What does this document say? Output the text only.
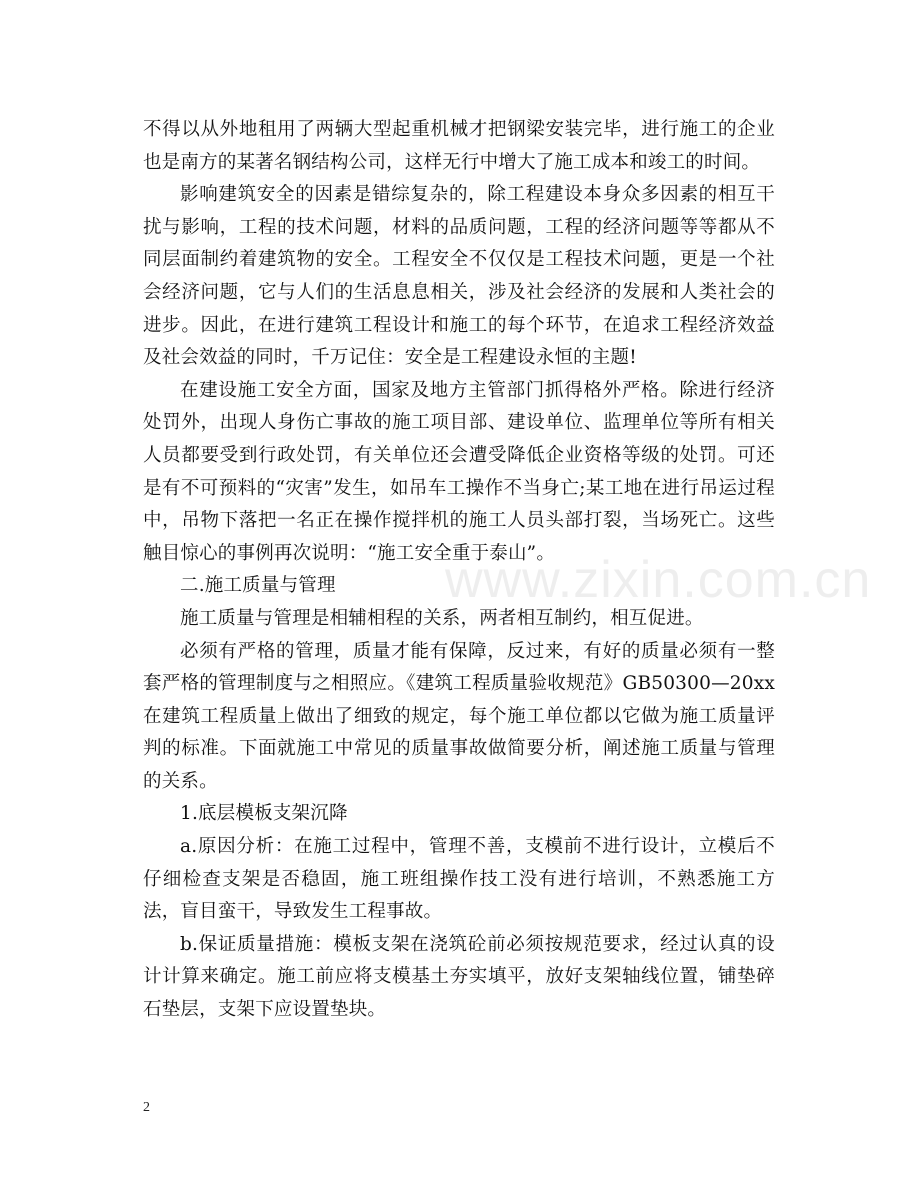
www.zixin.com.cn

不得以从外地租用了两辆大型起重机械才把钢梁安装完毕，进行施工的企业也是南方的某著名钢结构公司，这样无行中增大了施工成本和竣工的时间。

影响建筑安全的因素是错综复杂的，除工程建设本身众多因素的相互干扰与影响，工程的技术问题，材料的品质问题，工程的经济问题等等都从不同层面制约着建筑物的安全。工程安全不仅仅是工程技术问题，更是一个社会经济问题，它与人们的生活息息相关，涉及社会经济的发展和人类社会的进步。因此，在进行建筑工程设计和施工的每个环节，在追求工程经济效益及社会效益的同时，千万记住：安全是工程建设永恒的主题!

在建设施工安全方面，国家及地方主管部门抓得格外严格。除进行经济处罚外，出现人身伤亡事故的施工项目部、建设单位、监理单位等所有相关人员都要受到行政处罚，有关单位还会遭受降低企业资格等级的处罚。可还是有不可预料的“灾害”发生，如吊车工操作不当身亡;某工地在进行吊运过程中，吊物下落把一名正在操作搅拌机的施工人员头部打裂，当场死亡。这些触目惊心的事例再次说明：“施工安全重于泰山”。

二.施工质量与管理

施工质量与管理是相辅相程的关系，两者相互制约，相互促进。

必须有严格的管理，质量才能有保障，反过来，有好的质量必须有一整套严格的管理制度与之相照应。《建筑工程质量验收规范》GB50300—20xx在建筑工程质量上做出了细致的规定，每个施工单位都以它做为施工质量评判的标准。下面就施工中常见的质量事故做简要分析，阐述施工质量与管理的关系。

1.底层模板支架沉降

a.原因分析：在施工过程中，管理不善，支模前不进行设计，立模后不仔细检查支架是否稳固，施工班组操作技工没有进行培训，不熟悉施工方法，盲目蛮干，导致发生工程事故。

b.保证质量措施：模板支架在浇筑砼前必须按规范要求，经过认真的设计计算来确定。施工前应将支模基土夯实填平，放好支架轴线位置，铺垫碎石垫层，支架下应设置垫块。

2
